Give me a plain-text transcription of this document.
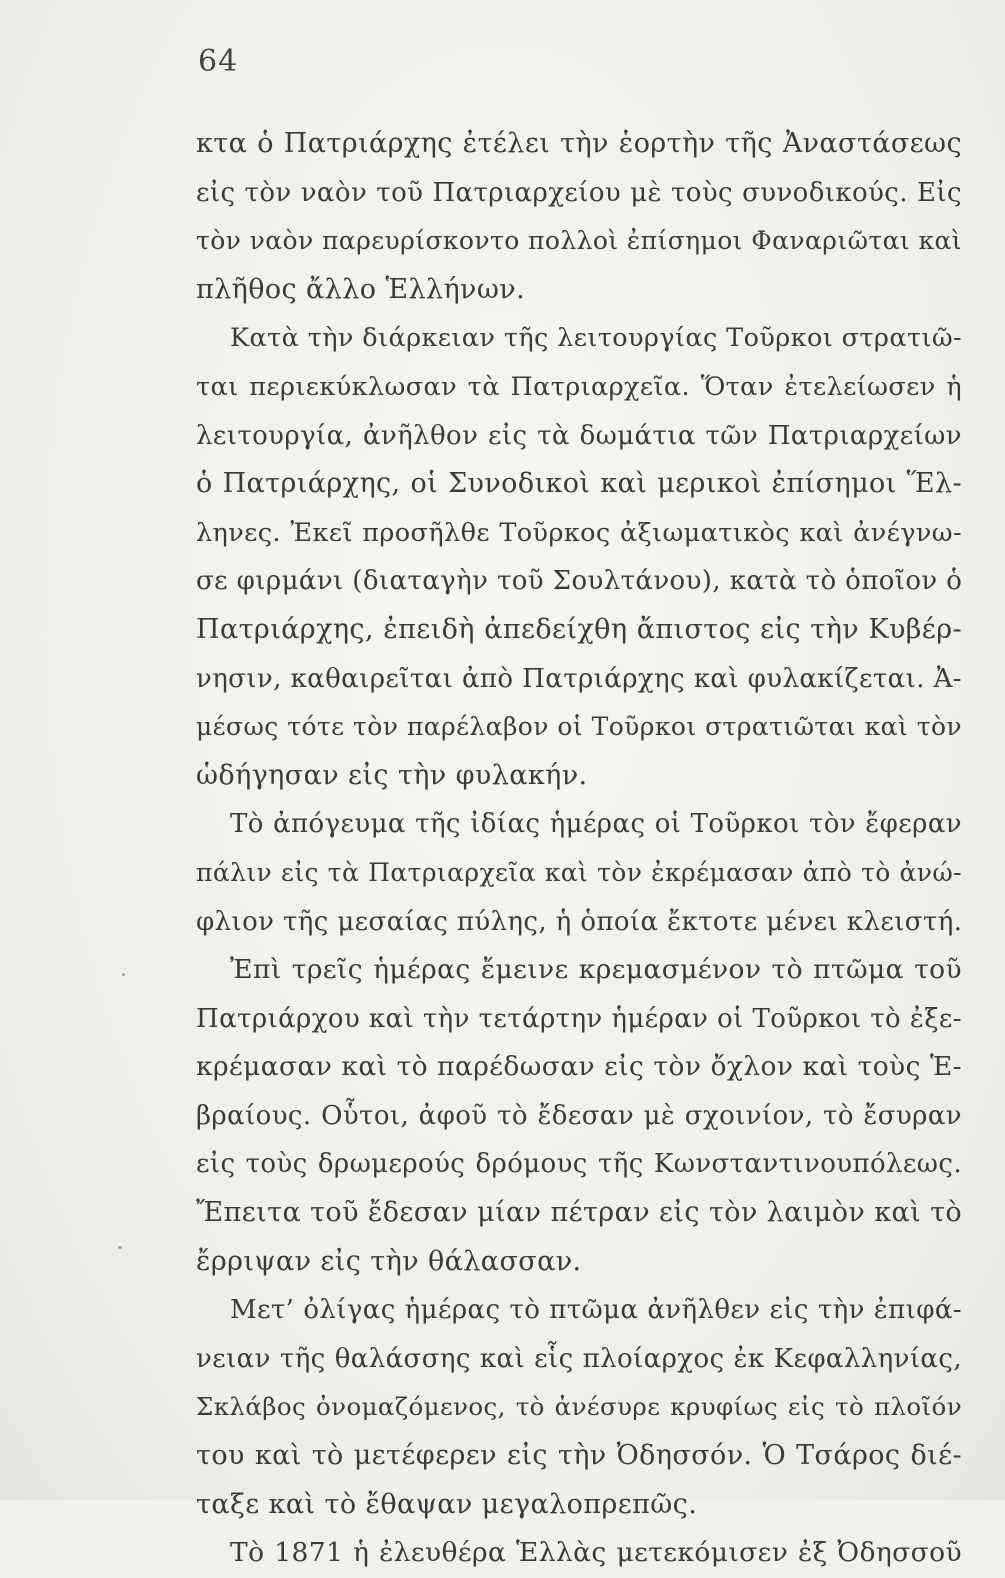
64
κτα ὁ Πατριάρχης ἐτέλει τὴν ἑορτὴν τῆς Ἀναστάσεως
εἰς τὸν ναὸν τοῦ Πατριαρχείου μὲ τοὺς συνοδικούς. Εἰς
τὸν ναὸν παρευρίσκοντο πολλοὶ ἐπίσημοι Φαναριῶται καὶ
πλῆθος ἄλλο Ἑλλήνων.
Κατὰ τὴν διάρκειαν τῆς λειτουργίας Τοῦρκοι στρατιῶ-
ται περιεκύκλωσαν τὰ Πατριαρχεῖα. Ὅταν ἐτελείωσεν ἡ
λειτουργία, ἀνῆλθον εἰς τὰ δωμάτια τῶν Πατριαρχείων
ὁ Πατριάρχης, οἱ Συνοδικοὶ καὶ μερικοὶ ἐπίσημοι Ἕλ-
ληνες. Ἐκεῖ προσῆλθε Τοῦρκος ἀξιωματικὸς καὶ ἀνέγνω-
σε φιρμάνι (διαταγὴν τοῦ Σουλτάνου), κατὰ τὸ ὁποῖον ὁ
Πατριάρχης, ἐπειδὴ ἀπεδείχθη ἄπιστος εἰς τὴν Κυβέρ-
νησιν, καθαιρεῖται ἀπὸ Πατριάρχης καὶ φυλακίζεται. Ἀ-
μέσως τότε τὸν παρέλαβον οἱ Τοῦρκοι στρατιῶται καὶ τὸν
ὡδήγησαν εἰς τὴν φυλακήν.
Τὸ ἀπόγευμα τῆς ἰδίας ἡμέρας οἱ Τοῦρκοι τὸν ἔφεραν
πάλιν εἰς τὰ Πατριαρχεῖα καὶ τὸν ἐκρέμασαν ἀπὸ τὸ ἀνώ-
φλιον τῆς μεσαίας πύλης, ἡ ὁποία ἔκτοτε μένει κλειστή.
Ἐπὶ τρεῖς ἡμέρας ἔμεινε κρεμασμένον τὸ πτῶμα τοῦ
Πατριάρχου καὶ τὴν τετάρτην ἡμέραν οἱ Τοῦρκοι τὸ ἐξε-
κρέμασαν καὶ τὸ παρέδωσαν εἰς τὸν ὄχλον καὶ τοὺς Ἑ-
βραίους. Οὗτοι, ἀφοῦ τὸ ἔδεσαν μὲ σχοινίον, τὸ ἔσυραν
εἰς τοὺς δρωμερούς δρόμους τῆς Κωνσταντινουπόλεως.
Ἔπειτα τοῦ ἔδεσαν μίαν πέτραν εἰς τὸν λαιμὸν καὶ τὸ
ἔρριψαν εἰς τὴν θάλασσαν.
Μετ’ ὀλίγας ἡμέρας τὸ πτῶμα ἀνῆλθεν εἰς τὴν ἐπιφά-
νειαν τῆς θαλάσσης καὶ εἷς πλοίαρχος ἐκ Κεφαλληνίας,
Σκλάβος ὀνομαζόμενος, τὸ ἀνέσυρε κρυφίως εἰς τὸ πλοῖόν
του καὶ τὸ μετέφερεν εἰς τὴν Ὀδησσόν. Ὁ Τσάρος διέ-
ταξε καὶ τὸ ἔθαψαν μεγαλοπρεπῶς.
Τὸ 1871 ἡ ἐλευθέρα Ἑλλὰς μετεκόμισεν ἐξ Ὀδησσοῦ
